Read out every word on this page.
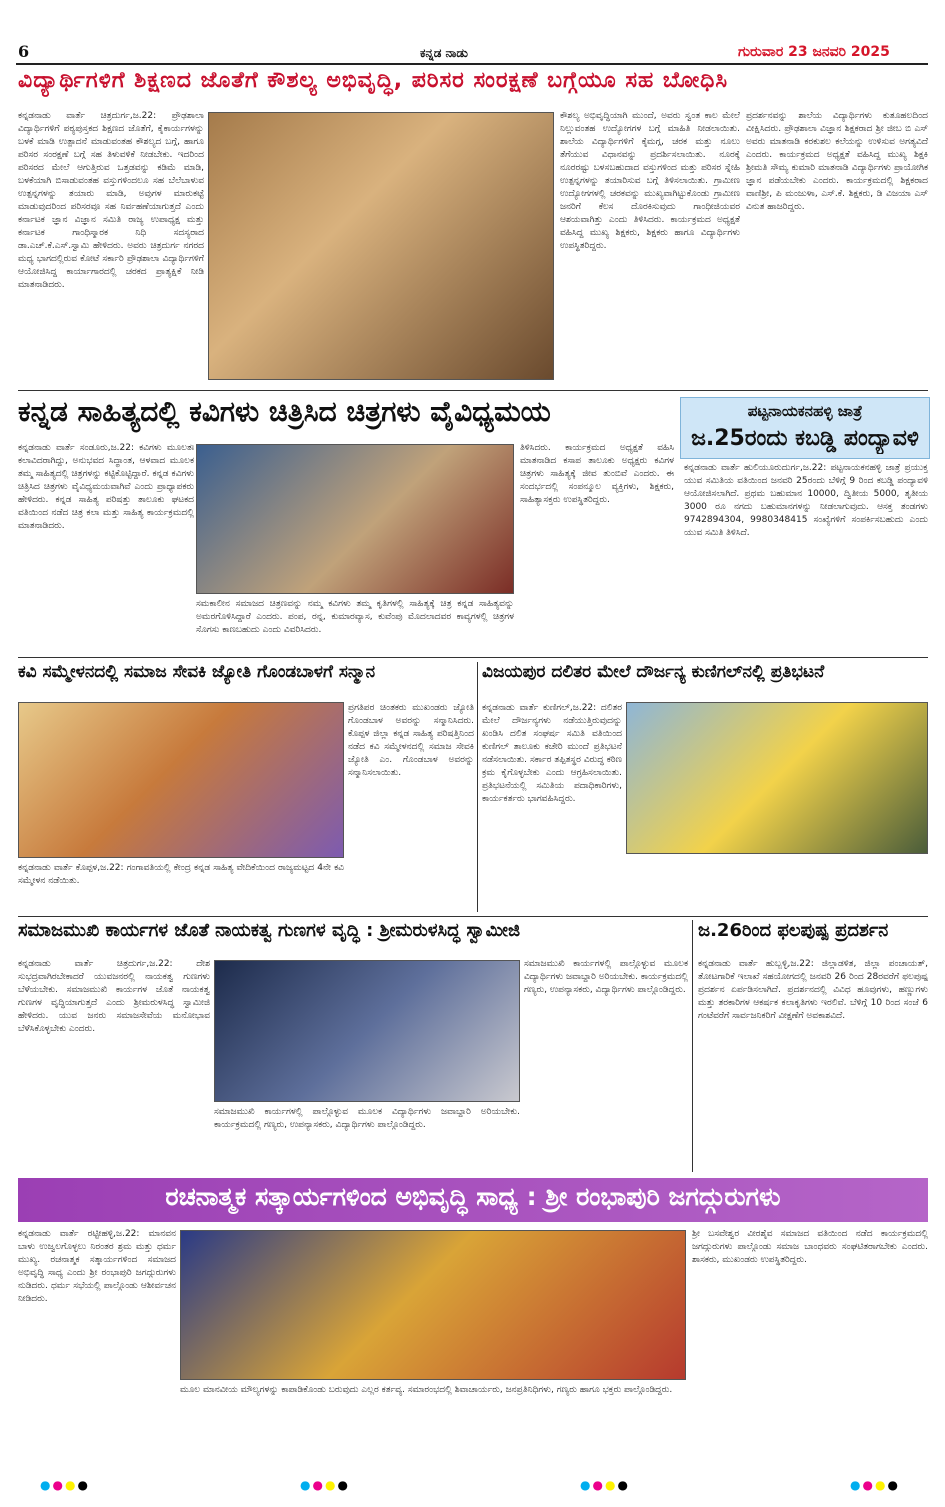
6	ಕನ್ನಡ ನಾಡು	ಗುರುವಾರ 23 ಜನವರಿ 2025
ವಿದ್ಯಾರ್ಥಿಗಳಿಗೆ ಶಿಕ್ಷಣದ ಜೊತೆಗೆ ಕೌಶಲ್ಯ ಅಭಿವೃದ್ಧಿ, ಪರಿಸರ ಸಂರಕ್ಷಣೆ ಬಗ್ಗೆಯೂ ಸಹ ಬೋಧಿಸಿ
ಕನ್ನಡನಾಡು ವಾರ್ತೆ ಚಿತ್ರದುರ್ಗ,ಜ.22: ಪ್ರೌಢಶಾಲಾ ವಿದ್ಯಾರ್ಥಿಗಳಿಗೆ ಪಠ್ಯಪುಸ್ತಕದ ಶಿಕ್ಷಣದ ಜೊತೆಗೆ, ಕೈಕಾರ್ಯಗಳನ್ನು ಬಳಕೆ ಮಾಡಿ ಉತ್ಪಾದನೆ ಮಾಡುವಂತಹ ಕೌಶಲ್ಯದ ಬಗ್ಗೆ, ಹಾಗೂ ಪರಿಸರ ಸಂರಕ್ಷಣೆ ಬಗ್ಗೆ ಸಹ ತಿಳುವಳಿಕೆ ನೀಡಬೇಕು. ಇದರಿಂದ ಪರಿಸರದ ಮೇಲೆ ಆಗುತ್ತಿರುವ ಒತ್ತಡವನ್ನು ಕಡಿಮೆ ಮಾಡಿ, ಬಳಕೆಯಾಗಿ ಬಿಸಾಡುವಂತಹ ವಸ್ತುಗಳಿಂದಲೂ ಸಹ ಬೆಲೆಬಾಳುವ ಉತ್ಪನ್ನಗಳನ್ನು ತಯಾರು ಮಾಡಿ, ಅವುಗಳ ಮಾರುಕಟ್ಟೆ ಮಾಡುವುದರಿಂದ ಪರಿಸರವೂ ಸಹ ನಿರ್ವಹಣೆಯಾಗುತ್ತದೆ ಎಂದು ಕರ್ನಾಟಕ ಜ್ಞಾನ ವಿಜ್ಞಾನ ಸಮಿತಿ ರಾಜ್ಯ ಉಪಾಧ್ಯಕ್ಷ ಮತ್ತು ಕರ್ನಾಟಕ ಗಾಂಧಿಸ್ಮಾರಕ ನಿಧಿ ಸದಸ್ಯರಾದ ಡಾ.ಎಚ್.ಕೆ.ಎಸ್.ಸ್ವಾಮಿ ಹೇಳಿದರು. ಅವರು ಚಿತ್ರದುರ್ಗ ನಗರದ ಮಧ್ಯ ಭಾಗದಲ್ಲಿರುವ ಕೋಟೆ ಸರ್ಕಾರಿ ಪ್ರೌಢಶಾಲಾ ವಿದ್ಯಾರ್ಥಿಗಳಿಗೆ ಆಯೋಜಿಸಿದ್ದ ಕಾರ್ಯಾಗಾರದಲ್ಲಿ ಚರಕದ ಪ್ರಾತ್ಯಕ್ಷಿಕೆ ನೀಡಿ ಮಾತನಾಡಿದರು.
ಕೌಶಲ್ಯ ಅಭಿವೃದ್ಧಿಯಾಗಿ ಮುಂದೆ, ಅವರು ಸ್ವಂತ ಕಾಲ ಮೇಲೆ ನಿಲ್ಲುವಂತಹ ಉದ್ಯೋಗಗಳ ಬಗ್ಗೆ ಮಾಹಿತಿ ನೀಡಲಾಯಿತು. ಶಾಲೆಯ ವಿದ್ಯಾರ್ಥಿಗಳಿಗೆ ಕೈಮಗ್ಗ, ಚರಕ ಮತ್ತು ನೂಲು ತೆಗೆಯುವ ವಿಧಾನವನ್ನು ಪ್ರದರ್ಶಿಸಲಾಯಿತು. ನೂರಕ್ಕೆ ನೂರರಷ್ಟು ಬಳಸಬಹುದಾದ ವಸ್ತುಗಳಿಂದ ಮತ್ತು ಪರಿಸರ ಸ್ನೇಹಿ ಉತ್ಪನ್ನಗಳನ್ನು ತಯಾರಿಸುವ ಬಗ್ಗೆ ತಿಳಿಸಲಾಯಿತು. ಗ್ರಾಮೀಣ ಉದ್ಯೋಗಗಳಲ್ಲಿ ಚರಕವನ್ನು ಮುಖ್ಯವಾಗಿಟ್ಟುಕೊಂಡು ಗ್ರಾಮೀಣ ಜನರಿಗೆ ಕೆಲಸ ದೊರಕಿಸುವುದು ಗಾಂಧೀಜಿಯವರ ಆಶಯವಾಗಿತ್ತು ಎಂದು ತಿಳಿಸಿದರು. ಕಾರ್ಯಕ್ರಮದ ಅಧ್ಯಕ್ಷತೆ ವಹಿಸಿದ್ದ ಮುಖ್ಯ ಶಿಕ್ಷಕರು, ಶಿಕ್ಷಕರು ಹಾಗೂ ವಿದ್ಯಾರ್ಥಿಗಳು ಉಪಸ್ಥಿತರಿದ್ದರು.
ಪ್ರದರ್ಶನವನ್ನು ಶಾಲೆಯ ವಿದ್ಯಾರ್ಥಿಗಳು ಕುತೂಹಲದಿಂದ ವೀಕ್ಷಿಸಿದರು. ಪ್ರೌಢಶಾಲಾ ವಿಜ್ಞಾನ ಶಿಕ್ಷಕರಾದ ಶ್ರೀ ಜೀಬ ಬಿ ಎಸ್ ಅವರು ಮಾತನಾಡಿ ಕರಕುಶಲ ಕಲೆಯನ್ನು ಉಳಿಸುವ ಅಗತ್ಯವಿದೆ ಎಂದರು. ಕಾರ್ಯಕ್ರಮದ ಅಧ್ಯಕ್ಷತೆ ವಹಿಸಿದ್ದ ಮುಖ್ಯ ಶಿಕ್ಷಕಿ ಶ್ರೀಮತಿ ಸೌಮ್ಯ ಕುಮಾರಿ ಮಾತನಾಡಿ ವಿದ್ಯಾರ್ಥಿಗಳು ಪ್ರಾಯೋಗಿಕ ಜ್ಞಾನ ಪಡೆಯಬೇಕು ಎಂದರು. ಕಾರ್ಯಕ್ರಮದಲ್ಲಿ ಶಿಕ್ಷಕರಾದ ವಾಣಿಶ್ರೀ, ಪಿ ಮಂಜುಳಾ, ಎಸ್.ಕೆ. ಶಿಕ್ಷಕರು, ಡಿ ವಿಜಯಾ ಎಸ್ ವಿನುತ ಹಾಜರಿದ್ದರು.
ಕನ್ನಡ ಸಾಹಿತ್ಯದಲ್ಲಿ ಕವಿಗಳು ಚಿತ್ರಿಸಿದ ಚಿತ್ರಗಳು ವೈವಿಧ್ಯಮಯ	ಪಟ್ಟನಾಯಕನಹಳ್ಳಿ ಜಾತ್ರೆ
ಜ.25ರಂದು ಕಬಡ್ಡಿ ಪಂದ್ಯಾವಳಿ
ಕನ್ನಡನಾಡು ವಾರ್ತೆ ಸಂಡೂರು,ಜ.22: ಕವಿಗಳು ಮೂಲತಃ ಕಲಾವಿದರಾಗಿದ್ದು, ಅನುಭವದ ಸಿದ್ಧಾಂತ, ಆಳವಾದ ಮೂಲಕ ತಮ್ಮ ಸಾಹಿತ್ಯದಲ್ಲಿ ಚಿತ್ರಗಳನ್ನು ಕಟ್ಟಿಕೊಟ್ಟಿದ್ದಾರೆ. ಕನ್ನಡ ಕವಿಗಳು ಚಿತ್ರಿಸಿದ ಚಿತ್ರಗಳು ವೈವಿಧ್ಯಮಯವಾಗಿವೆ ಎಂದು ಪ್ರಾಧ್ಯಾಪಕರು ಹೇಳಿದರು. ಕನ್ನಡ ಸಾಹಿತ್ಯ ಪರಿಷತ್ತು ತಾಲೂಕು ಘಟಕದ ವತಿಯಿಂದ ನಡೆದ ಚಿತ್ರ ಕಲಾ ಮತ್ತು ಸಾಹಿತ್ಯ ಕಾರ್ಯಕ್ರಮದಲ್ಲಿ ಮಾತನಾಡಿದರು.
ಸಮಕಾಲೀನ ಸಮಾಜದ ಚಿತ್ರಣವನ್ನು ನಮ್ಮ ಕವಿಗಳು ತಮ್ಮ ಕೃತಿಗಳಲ್ಲಿ ಸಾಹಿತ್ಯಕ್ಕೆ ಚಿತ್ರ ಕನ್ನಡ ಸಾಹಿತ್ಯವನ್ನು ಅಮರಗೊಳಿಸಿದ್ದಾರೆ ಎಂದರು. ಪಂಪ, ರನ್ನ, ಕುಮಾರವ್ಯಾಸ, ಕುವೆಂಪು ಮೊದಲಾದವರ ಕಾವ್ಯಗಳಲ್ಲಿ ಚಿತ್ರಗಳ ಸೊಗಸು ಕಾಣಬಹುದು ಎಂದು ವಿವರಿಸಿದರು.
ತಿಳಿಸಿದರು. ಕಾರ್ಯಕ್ರಮದ ಅಧ್ಯಕ್ಷತೆ ವಹಿಸಿ ಮಾತನಾಡಿದ ಕಸಾಪ ತಾಲೂಕು ಅಧ್ಯಕ್ಷರು ಕವಿಗಳ ಚಿತ್ರಗಳು ಸಾಹಿತ್ಯಕ್ಕೆ ಜೀವ ತುಂಬಿವೆ ಎಂದರು. ಈ ಸಂದರ್ಭದಲ್ಲಿ ಸಂಪನ್ಮೂಲ ವ್ಯಕ್ತಿಗಳು, ಶಿಕ್ಷಕರು, ಸಾಹಿತ್ಯಾಸಕ್ತರು ಉಪಸ್ಥಿತರಿದ್ದರು.
ಕನ್ನಡನಾಡು ವಾರ್ತೆ ಹುಲಿಯೂರುದುರ್ಗ,ಜ.22: ಪಟ್ಟನಾಯಕನಹಳ್ಳಿ ಜಾತ್ರೆ ಪ್ರಯುಕ್ತ ಯುವ ಸಮಿತಿಯ ವತಿಯಿಂದ ಜನವರಿ 25ರಂದು ಬೆಳಿಗ್ಗೆ 9 ರಿಂದ ಕಬಡ್ಡಿ ಪಂದ್ಯಾವಳಿ ಆಯೋಜಿಸಲಾಗಿದೆ. ಪ್ರಥಮ ಬಹುಮಾನ 10000, ದ್ವಿತೀಯ 5000, ತೃತೀಯ 3000 ರೂ ನಗದು ಬಹುಮಾನಗಳನ್ನು ನೀಡಲಾಗುವುದು. ಆಸಕ್ತ ತಂಡಗಳು 9742894304, 9980348415 ಸಂಖ್ಯೆಗಳಿಗೆ ಸಂಪರ್ಕಿಸಬಹುದು ಎಂದು ಯುವ ಸಮಿತಿ ತಿಳಿಸಿದೆ.
ಕವಿ ಸಮ್ಮೇಳನದಲ್ಲಿ ಸಮಾಜ ಸೇವಕಿ ಜ್ಯೋತಿ ಗೊಂಡಬಾಳಗೆ ಸನ್ಮಾನ	ವಿಜಯಪುರ ದಲಿತರ ಮೇಲೆ ದೌರ್ಜನ್ಯ ಕುಣಿಗಲ್‌ನಲ್ಲಿ ಪ್ರತಿಭಟನೆ
ಕನ್ನಡನಾಡು ವಾರ್ತೆ ಕೊಪ್ಪಳ,ಜ.22: ಗಂಗಾವತಿಯಲ್ಲಿ ಕೇಂದ್ರ ಕನ್ನಡ ಸಾಹಿತ್ಯ ವೇದಿಕೆಯಿಂದ ರಾಜ್ಯಮಟ್ಟದ 4ನೇ ಕವಿ ಸಮ್ಮೇಳನ ನಡೆಯಿತು.
ಪ್ರಗತಿಪರ ಚಿಂತಕರು ಮುಖಂಡರು ಜ್ಯೋತಿ ಗೊಂಡಬಾಳ ಅವರನ್ನು ಸನ್ಮಾನಿಸಿದರು. ಕೊಪ್ಪಳ ಜಿಲ್ಲಾ ಕನ್ನಡ ಸಾಹಿತ್ಯ ಪರಿಷತ್ತಿನಿಂದ ನಡೆದ ಕವಿ ಸಮ್ಮೇಳನದಲ್ಲಿ ಸಮಾಜ ಸೇವಕಿ ಜ್ಯೋತಿ ಎಂ. ಗೊಂಡಬಾಳ ಅವರನ್ನು ಸನ್ಮಾನಿಸಲಾಯಿತು.
ಕನ್ನಡನಾಡು ವಾರ್ತೆ ಕುಣಿಗಲ್,ಜ.22: ದಲಿತರ ಮೇಲೆ ದೌರ್ಜನ್ಯಗಳು ನಡೆಯುತ್ತಿರುವುದನ್ನು ಖಂಡಿಸಿ ದಲಿತ ಸಂಘರ್ಷ ಸಮಿತಿ ವತಿಯಿಂದ ಕುಣಿಗಲ್ ತಾಲೂಕು ಕಚೇರಿ ಮುಂದೆ ಪ್ರತಿಭಟನೆ ನಡೆಸಲಾಯಿತು. ಸರ್ಕಾರ ತಪ್ಪಿತಸ್ಥರ ವಿರುದ್ಧ ಕಠಿಣ ಕ್ರಮ ಕೈಗೊಳ್ಳಬೇಕು ಎಂದು ಆಗ್ರಹಿಸಲಾಯಿತು. ಪ್ರತಿಭಟನೆಯಲ್ಲಿ ಸಮಿತಿಯ ಪದಾಧಿಕಾರಿಗಳು, ಕಾರ್ಯಕರ್ತರು ಭಾಗವಹಿಸಿದ್ದರು.
ಸಮಾಜಮುಖಿ ಕಾರ್ಯಗಳ ಜೊತೆ ನಾಯಕತ್ವ ಗುಣಗಳ ವೃದ್ಧಿ : ಶ್ರೀಮರುಳಸಿದ್ಧ ಸ್ವಾಮೀಜಿ	ಜ.26ರಿಂದ ಫಲಪುಷ್ಪ ಪ್ರದರ್ಶನ
ಕನ್ನಡನಾಡು ವಾರ್ತೆ ಚಿತ್ರದುರ್ಗ,ಜ.22: ದೇಶ ಸುಭದ್ರವಾಗಿರಬೇಕಾದರೆ ಯುವಜನರಲ್ಲಿ ನಾಯಕತ್ವ ಗುಣಗಳು ಬೆಳೆಯಬೇಕು. ಸಮಾಜಮುಖಿ ಕಾರ್ಯಗಳ ಜೊತೆ ನಾಯಕತ್ವ ಗುಣಗಳ ವೃದ್ಧಿಯಾಗುತ್ತದೆ ಎಂದು ಶ್ರೀಮರುಳಸಿದ್ಧ ಸ್ವಾಮೀಜಿ ಹೇಳಿದರು. ಯುವ ಜನರು ಸಮಾಜಸೇವೆಯ ಮನೋಭಾವ ಬೆಳೆಸಿಕೊಳ್ಳಬೇಕು ಎಂದರು.
ಸಮಾಜಮುಖಿ ಕಾರ್ಯಗಳಲ್ಲಿ ಪಾಲ್ಗೊಳ್ಳುವ ಮೂಲಕ ವಿದ್ಯಾರ್ಥಿಗಳು ಜವಾಬ್ದಾರಿ ಅರಿಯಬೇಕು. ಕಾರ್ಯಕ್ರಮದಲ್ಲಿ ಗಣ್ಯರು, ಉಪನ್ಯಾಸಕರು, ವಿದ್ಯಾರ್ಥಿಗಳು ಪಾಲ್ಗೊಂಡಿದ್ದರು.
ಸಮಾಜಮುಖಿ ಕಾರ್ಯಗಳಲ್ಲಿ ಪಾಲ್ಗೊಳ್ಳುವ ಮೂಲಕ ವಿದ್ಯಾರ್ಥಿಗಳು ಜವಾಬ್ದಾರಿ ಅರಿಯಬೇಕು. ಕಾರ್ಯಕ್ರಮದಲ್ಲಿ ಗಣ್ಯರು, ಉಪನ್ಯಾಸಕರು, ವಿದ್ಯಾರ್ಥಿಗಳು ಪಾಲ್ಗೊಂಡಿದ್ದರು.
ಕನ್ನಡನಾಡು ವಾರ್ತೆ ಹುಬ್ಬಳ್ಳಿ,ಜ.22: ಜಿಲ್ಲಾಡಳಿತ, ಜಿಲ್ಲಾ ಪಂಚಾಯತ್, ತೋಟಗಾರಿಕೆ ಇಲಾಖೆ ಸಹಯೋಗದಲ್ಲಿ ಜನವರಿ 26 ರಿಂದ 28ರವರೆಗೆ ಫಲಪುಷ್ಪ ಪ್ರದರ್ಶನ ಏರ್ಪಡಿಸಲಾಗಿದೆ. ಪ್ರದರ್ಶನದಲ್ಲಿ ವಿವಿಧ ಹೂವುಗಳು, ಹಣ್ಣುಗಳು ಮತ್ತು ತರಕಾರಿಗಳ ಆಕರ್ಷಕ ಕಲಾಕೃತಿಗಳು ಇರಲಿವೆ. ಬೆಳಿಗ್ಗೆ 10 ರಿಂದ ಸಂಜೆ 6 ಗಂಟೆವರೆಗೆ ಸಾರ್ವಜನಿಕರಿಗೆ ವೀಕ್ಷಣೆಗೆ ಅವಕಾಶವಿದೆ.
ರಚನಾತ್ಮಕ ಸತ್ಕಾರ್ಯಗಳಿಂದ ಅಭಿವೃದ್ಧಿ ಸಾಧ್ಯ : ಶ್ರೀ ರಂಭಾಪುರಿ ಜಗದ್ಗುರುಗಳು
ಕನ್ನಡನಾಡು ವಾರ್ತೆ ರಟ್ಟೀಹಳ್ಳಿ,ಜ.22: ಮಾನವನ ಬಾಳು ಉಜ್ವಲಗೊಳ್ಳಲು ನಿರಂತರ ಶ್ರಮ ಮತ್ತು ಧರ್ಮ ಮುಖ್ಯ. ರಚನಾತ್ಮಕ ಸತ್ಕಾರ್ಯಗಳಿಂದ ಸಮಾಜದ ಅಭಿವೃದ್ಧಿ ಸಾಧ್ಯ ಎಂದು ಶ್ರೀ ರಂಭಾಪುರಿ ಜಗದ್ಗುರುಗಳು ನುಡಿದರು. ಧರ್ಮ ಸಭೆಯಲ್ಲಿ ಪಾಲ್ಗೊಂಡು ಆಶೀರ್ವಚನ ನೀಡಿದರು.
ಮೂಲ ಮಾನವೀಯ ಮೌಲ್ಯಗಳನ್ನು ಕಾಪಾಡಿಕೊಂಡು ಬರುವುದು ಎಲ್ಲರ ಕರ್ತವ್ಯ. ಸಮಾರಂಭದಲ್ಲಿ ಶಿವಾಚಾರ್ಯರು, ಜನಪ್ರತಿನಿಧಿಗಳು, ಗಣ್ಯರು ಹಾಗೂ ಭಕ್ತರು ಪಾಲ್ಗೊಂಡಿದ್ದರು.
ಶ್ರೀ ಬಸವೇಶ್ವರ ವೀರಶೈವ ಸಮಾಜದ ವತಿಯಿಂದ ನಡೆದ ಕಾರ್ಯಕ್ರಮದಲ್ಲಿ ಜಗದ್ಗುರುಗಳು ಪಾಲ್ಗೊಂಡು ಸಮಾಜ ಬಾಂಧವರು ಸಂಘಟಿತರಾಗಬೇಕು ಎಂದರು. ಶಾಸಕರು, ಮುಖಂಡರು ಉಪಸ್ಥಿತರಿದ್ದರು.
●●●●	●●●●	●●●●	●●●●
